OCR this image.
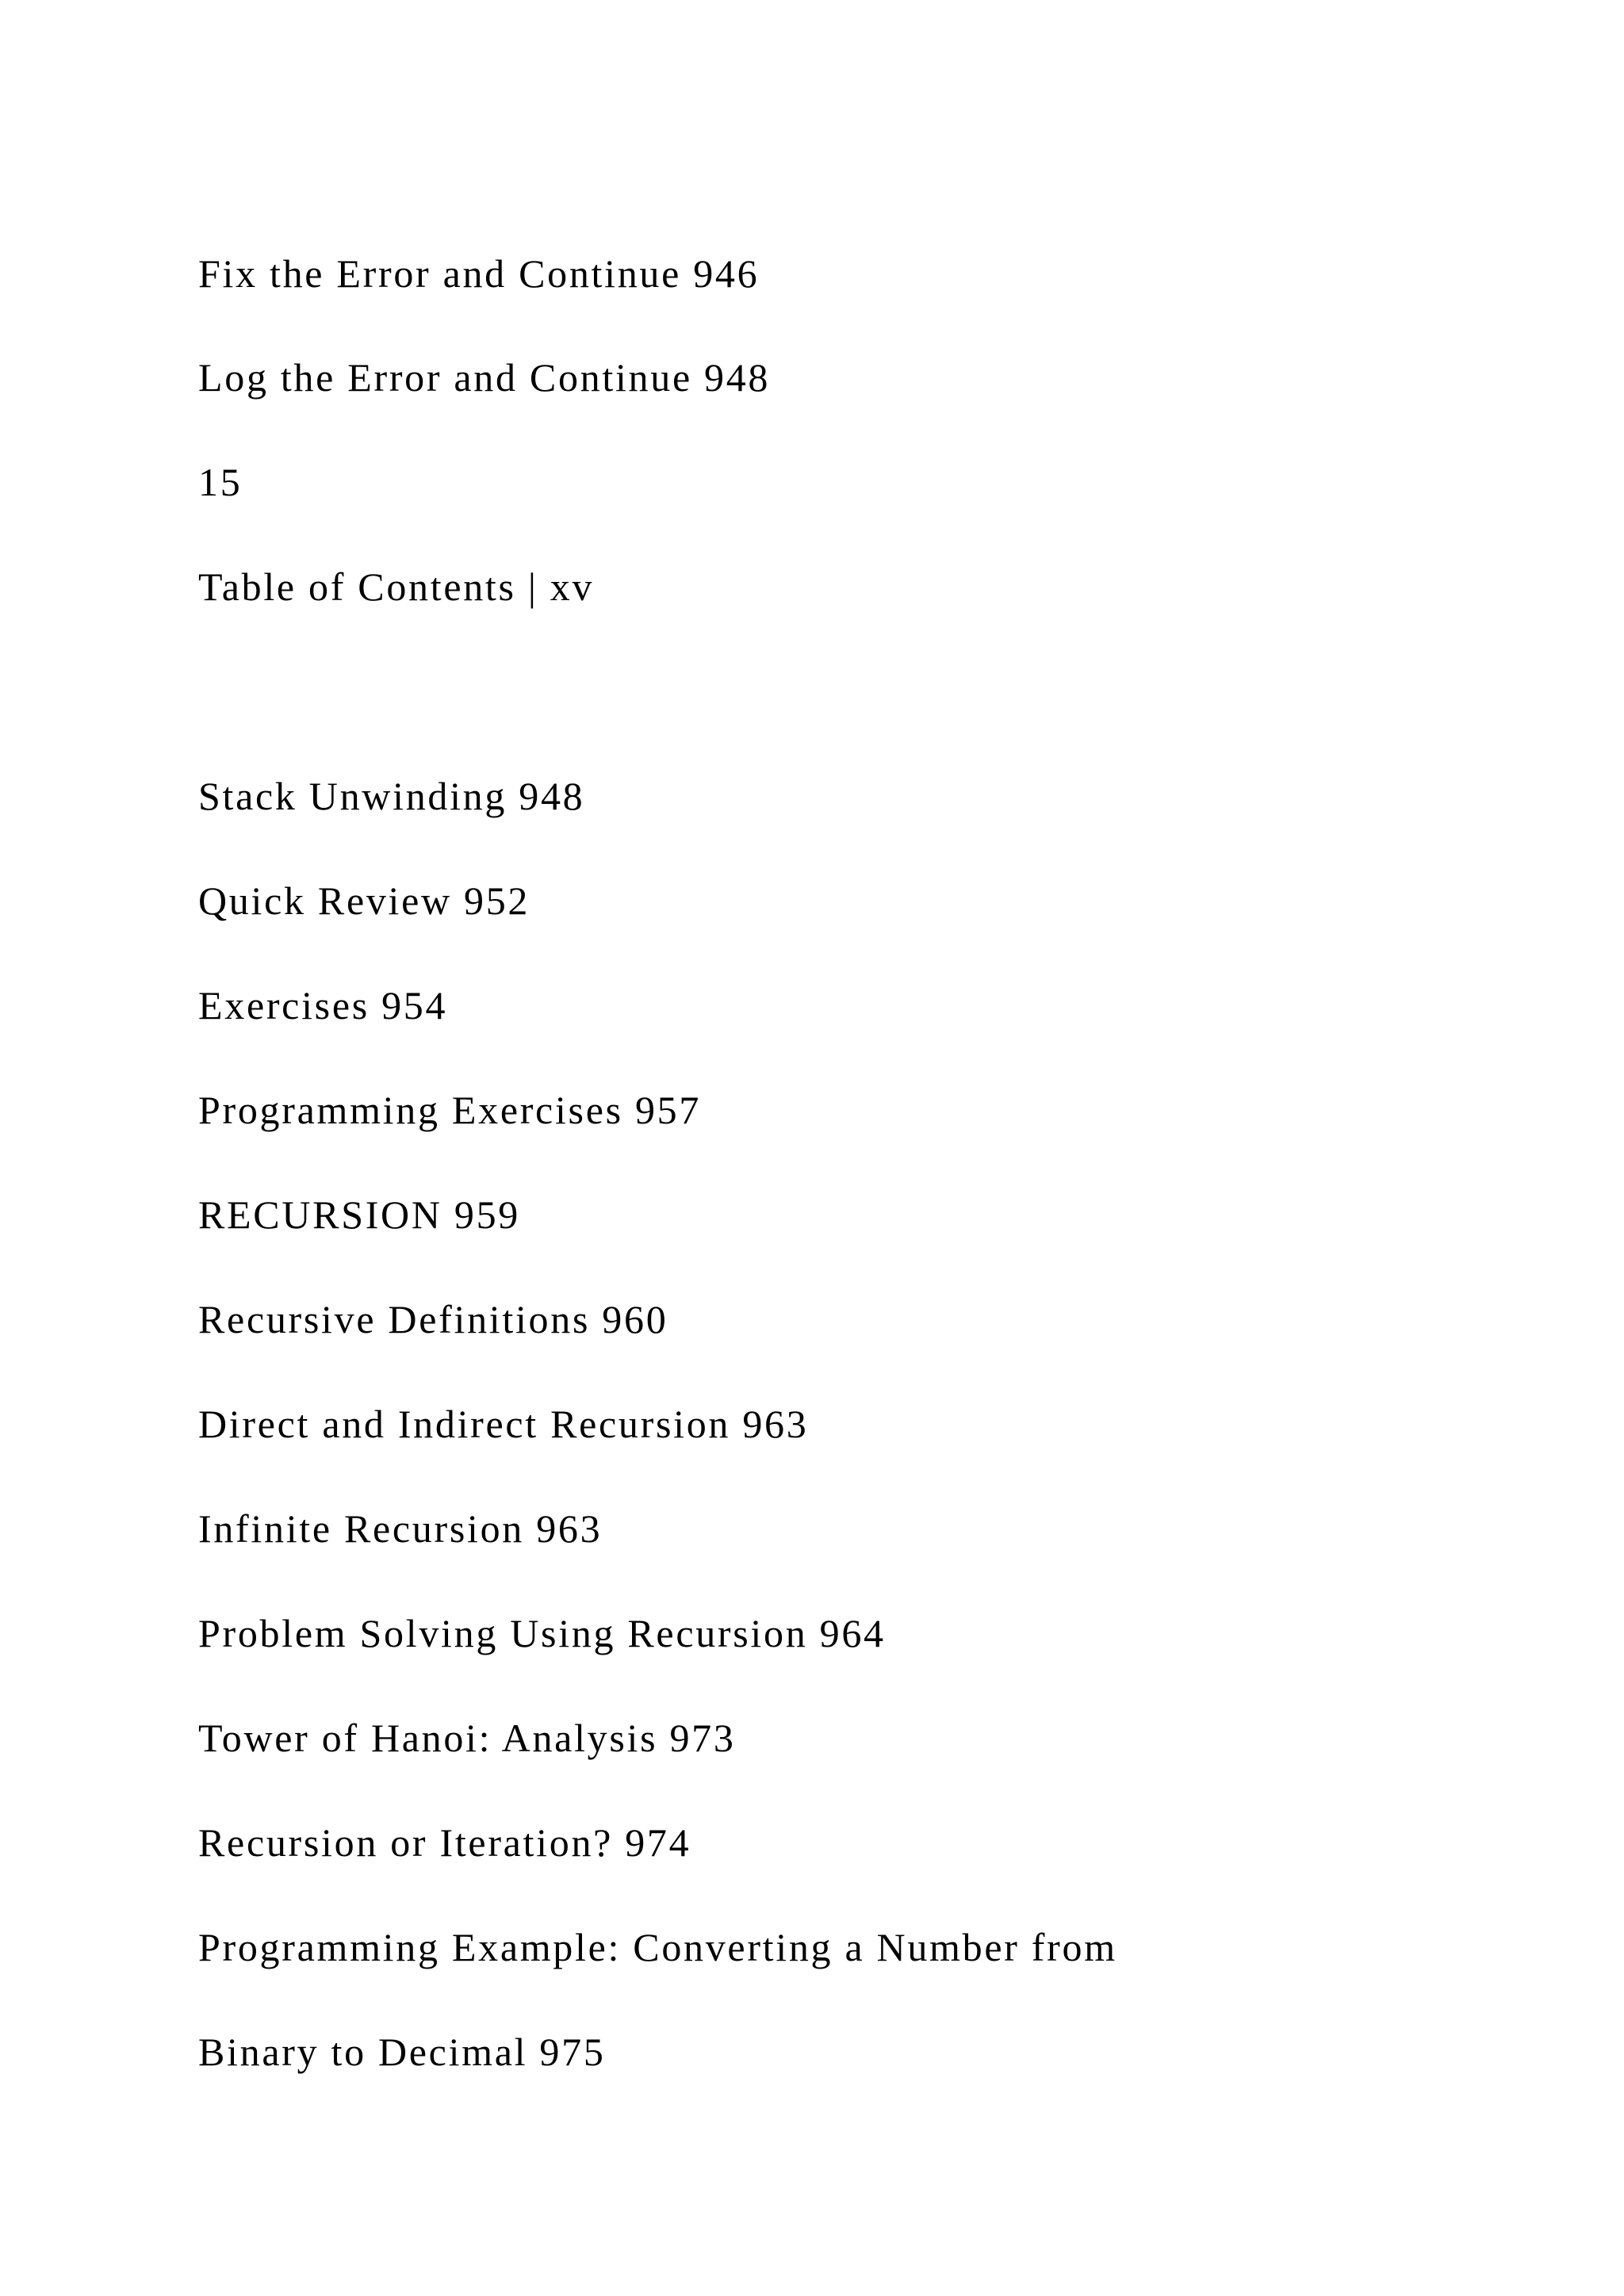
Fix the Error and Continue 946

Log the Error and Continue 948

15

Table of Contents | xv

Stack Unwinding 948

Quick Review 952

Exercises 954

Programming Exercises 957

RECURSION 959

Recursive Definitions 960

Direct and Indirect Recursion 963

Infinite Recursion 963

Problem Solving Using Recursion 964

Tower of Hanoi: Analysis 973

Recursion or Iteration? 974

Programming Example: Converting a Number from

Binary to Decimal 975
